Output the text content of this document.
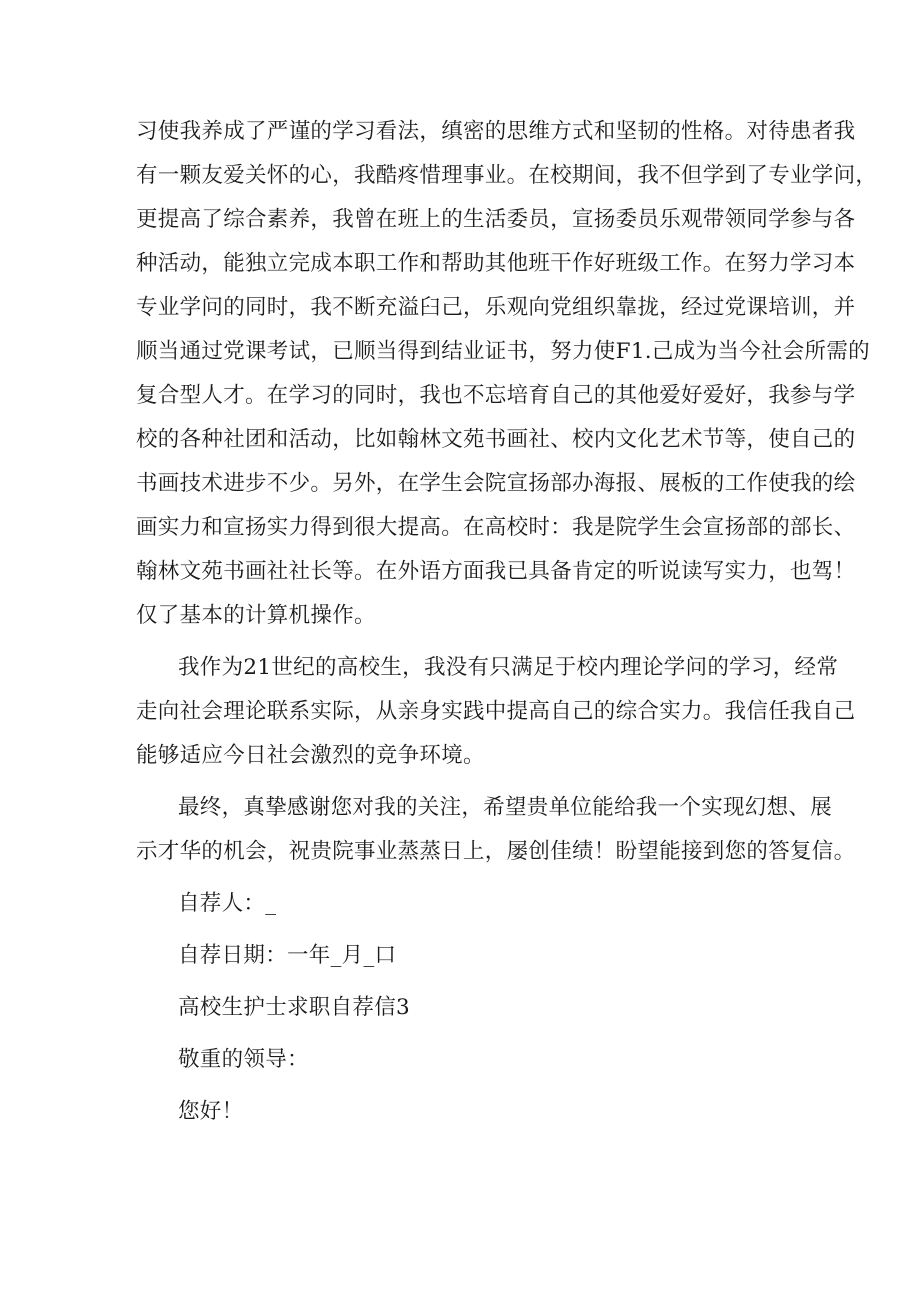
习使我养成了严谨的学习看法，缜密的思维方式和坚韧的性格。对待患者我
有一颗友爱关怀的心，我酷疼惜理事业。在校期间，我不但学到了专业学问，
更提高了综合素养，我曾在班上的生活委员，宣扬委员乐观带领同学参与各
种活动，能独立完成本职工作和帮助其他班干作好班级工作。在努力学习本
专业学问的同时，我不断充溢臼己，乐观向党组织靠拢，经过党课培训，并
顺当通过党课考试，已顺当得到结业证书，努力使F1.己成为当今社会所需的
复合型人才。在学习的同时，我也不忘培育自己的其他爱好爱好，我参与学
校的各种社团和活动，比如翰林文苑书画社、校内文化艺术节等，使自己的
书画技术进步不少。另外，在学生会院宣扬部办海报、展板的工作使我的绘
画实力和宣扬实力得到很大提高。在高校时：我是院学生会宣扬部的部长、
翰林文苑书画社社长等。在外语方面我已具备肯定的听说读写实力，也驾！
仅了基本的计算机操作。
我作为21世纪的高校生，我没有只满足于校内理论学问的学习，经常
走向社会理论联系实际，从亲身实践中提高自己的综合实力。我信任我自己
能够适应今日社会激烈的竞争环境。
最终，真挚感谢您对我的关注，希望贵单位能给我一个实现幻想、展
示才华的机会，祝贵院事业蒸蒸日上，屡创佳绩！盼望能接到您的答复信。
自荐人：_
自荐日期：一年_月_口
高校生护士求职自荐信3
敬重的领导：
您好！
